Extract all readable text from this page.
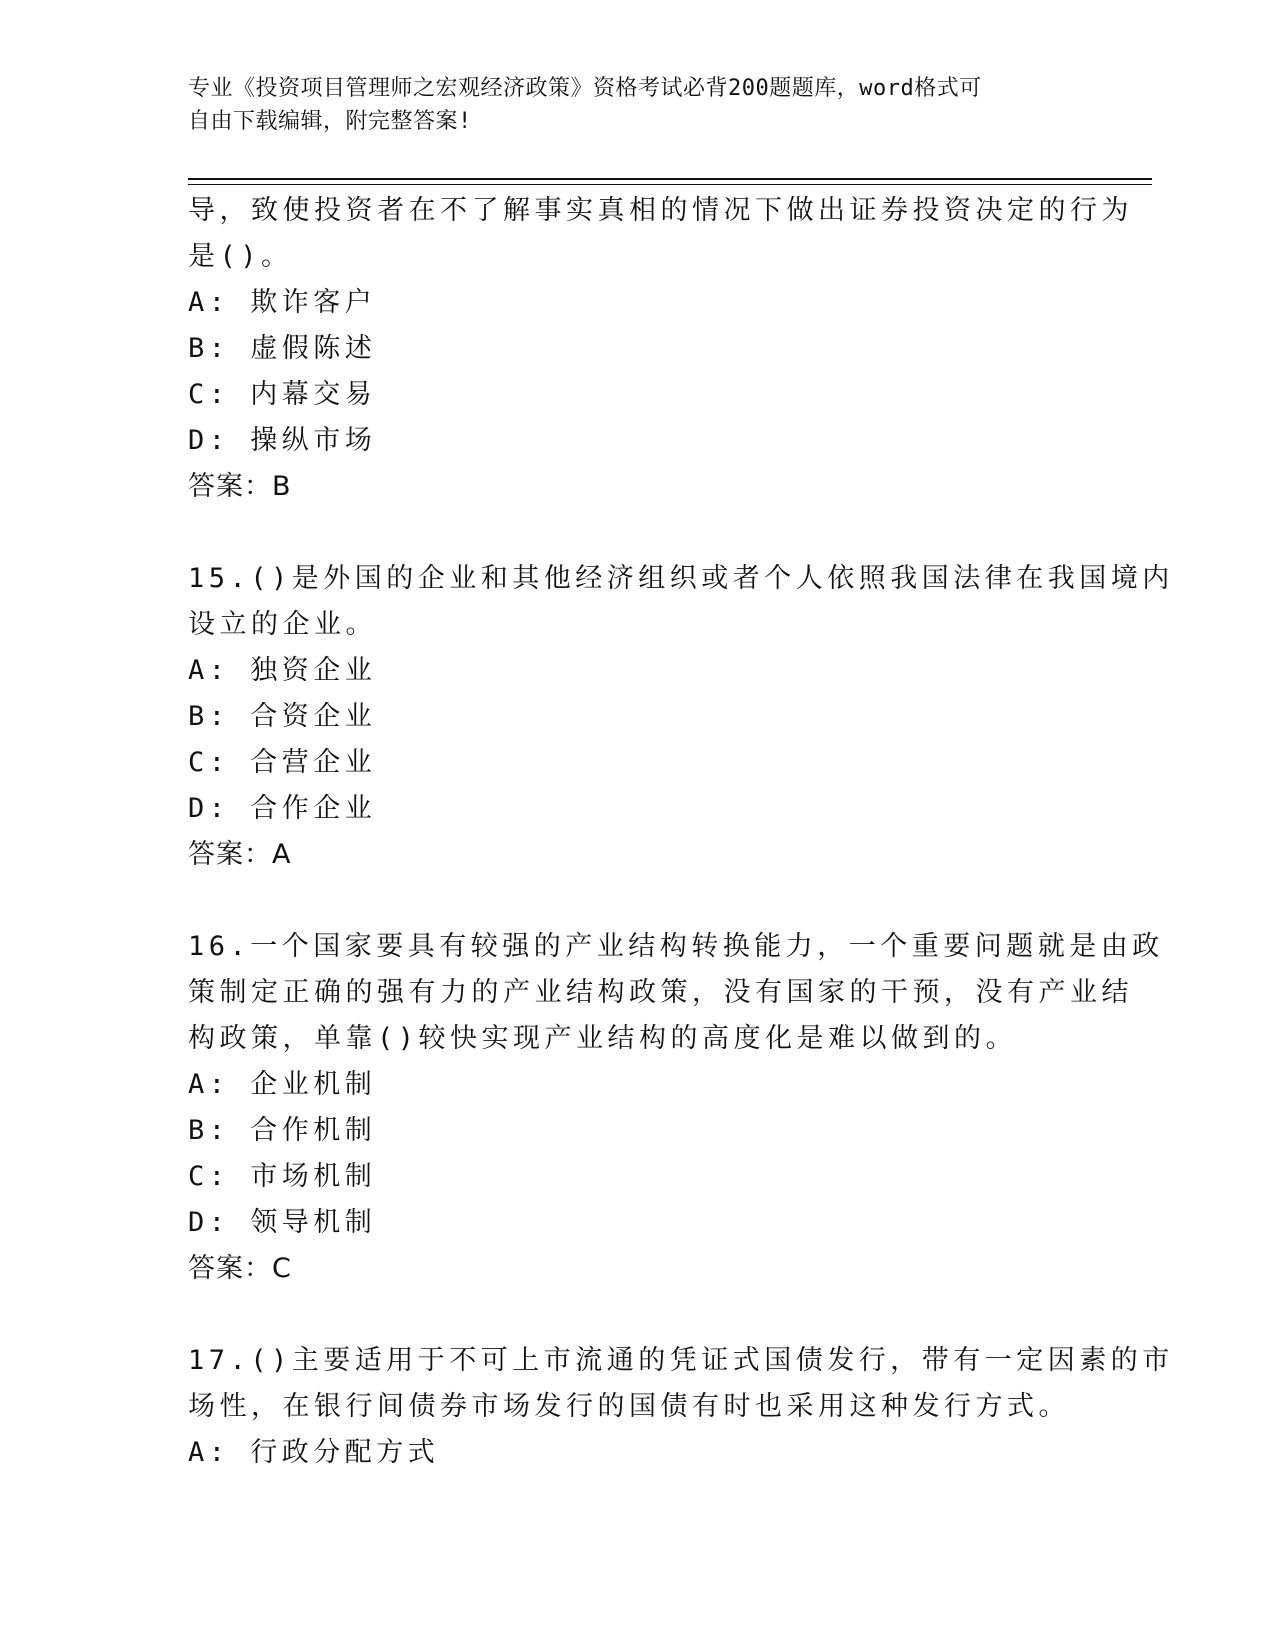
专业《投资项目管理师之宏观经济政策》资格考试必背200题题库，word格式可
自由下载编辑，附完整答案!
导，致使投资者在不了解事实真相的情况下做出证券投资决定的行为
是()。
A: 欺诈客户
B: 虚假陈述
C: 内幕交易
D: 操纵市场
答案：B
15.()是外国的企业和其他经济组织或者个人依照我国法律在我国境内
设立的企业。
A: 独资企业
B: 合资企业
C: 合营企业
D: 合作企业
答案：A
16.一个国家要具有较强的产业结构转换能力，一个重要问题就是由政
策制定正确的强有力的产业结构政策，没有国家的干预，没有产业结
构政策，单靠()较快实现产业结构的高度化是难以做到的。
A: 企业机制
B: 合作机制
C: 市场机制
D: 领导机制
答案：C
17.()主要适用于不可上市流通的凭证式国债发行，带有一定因素的市
场性，在银行间债券市场发行的国债有时也采用这种发行方式。
A: 行政分配方式
